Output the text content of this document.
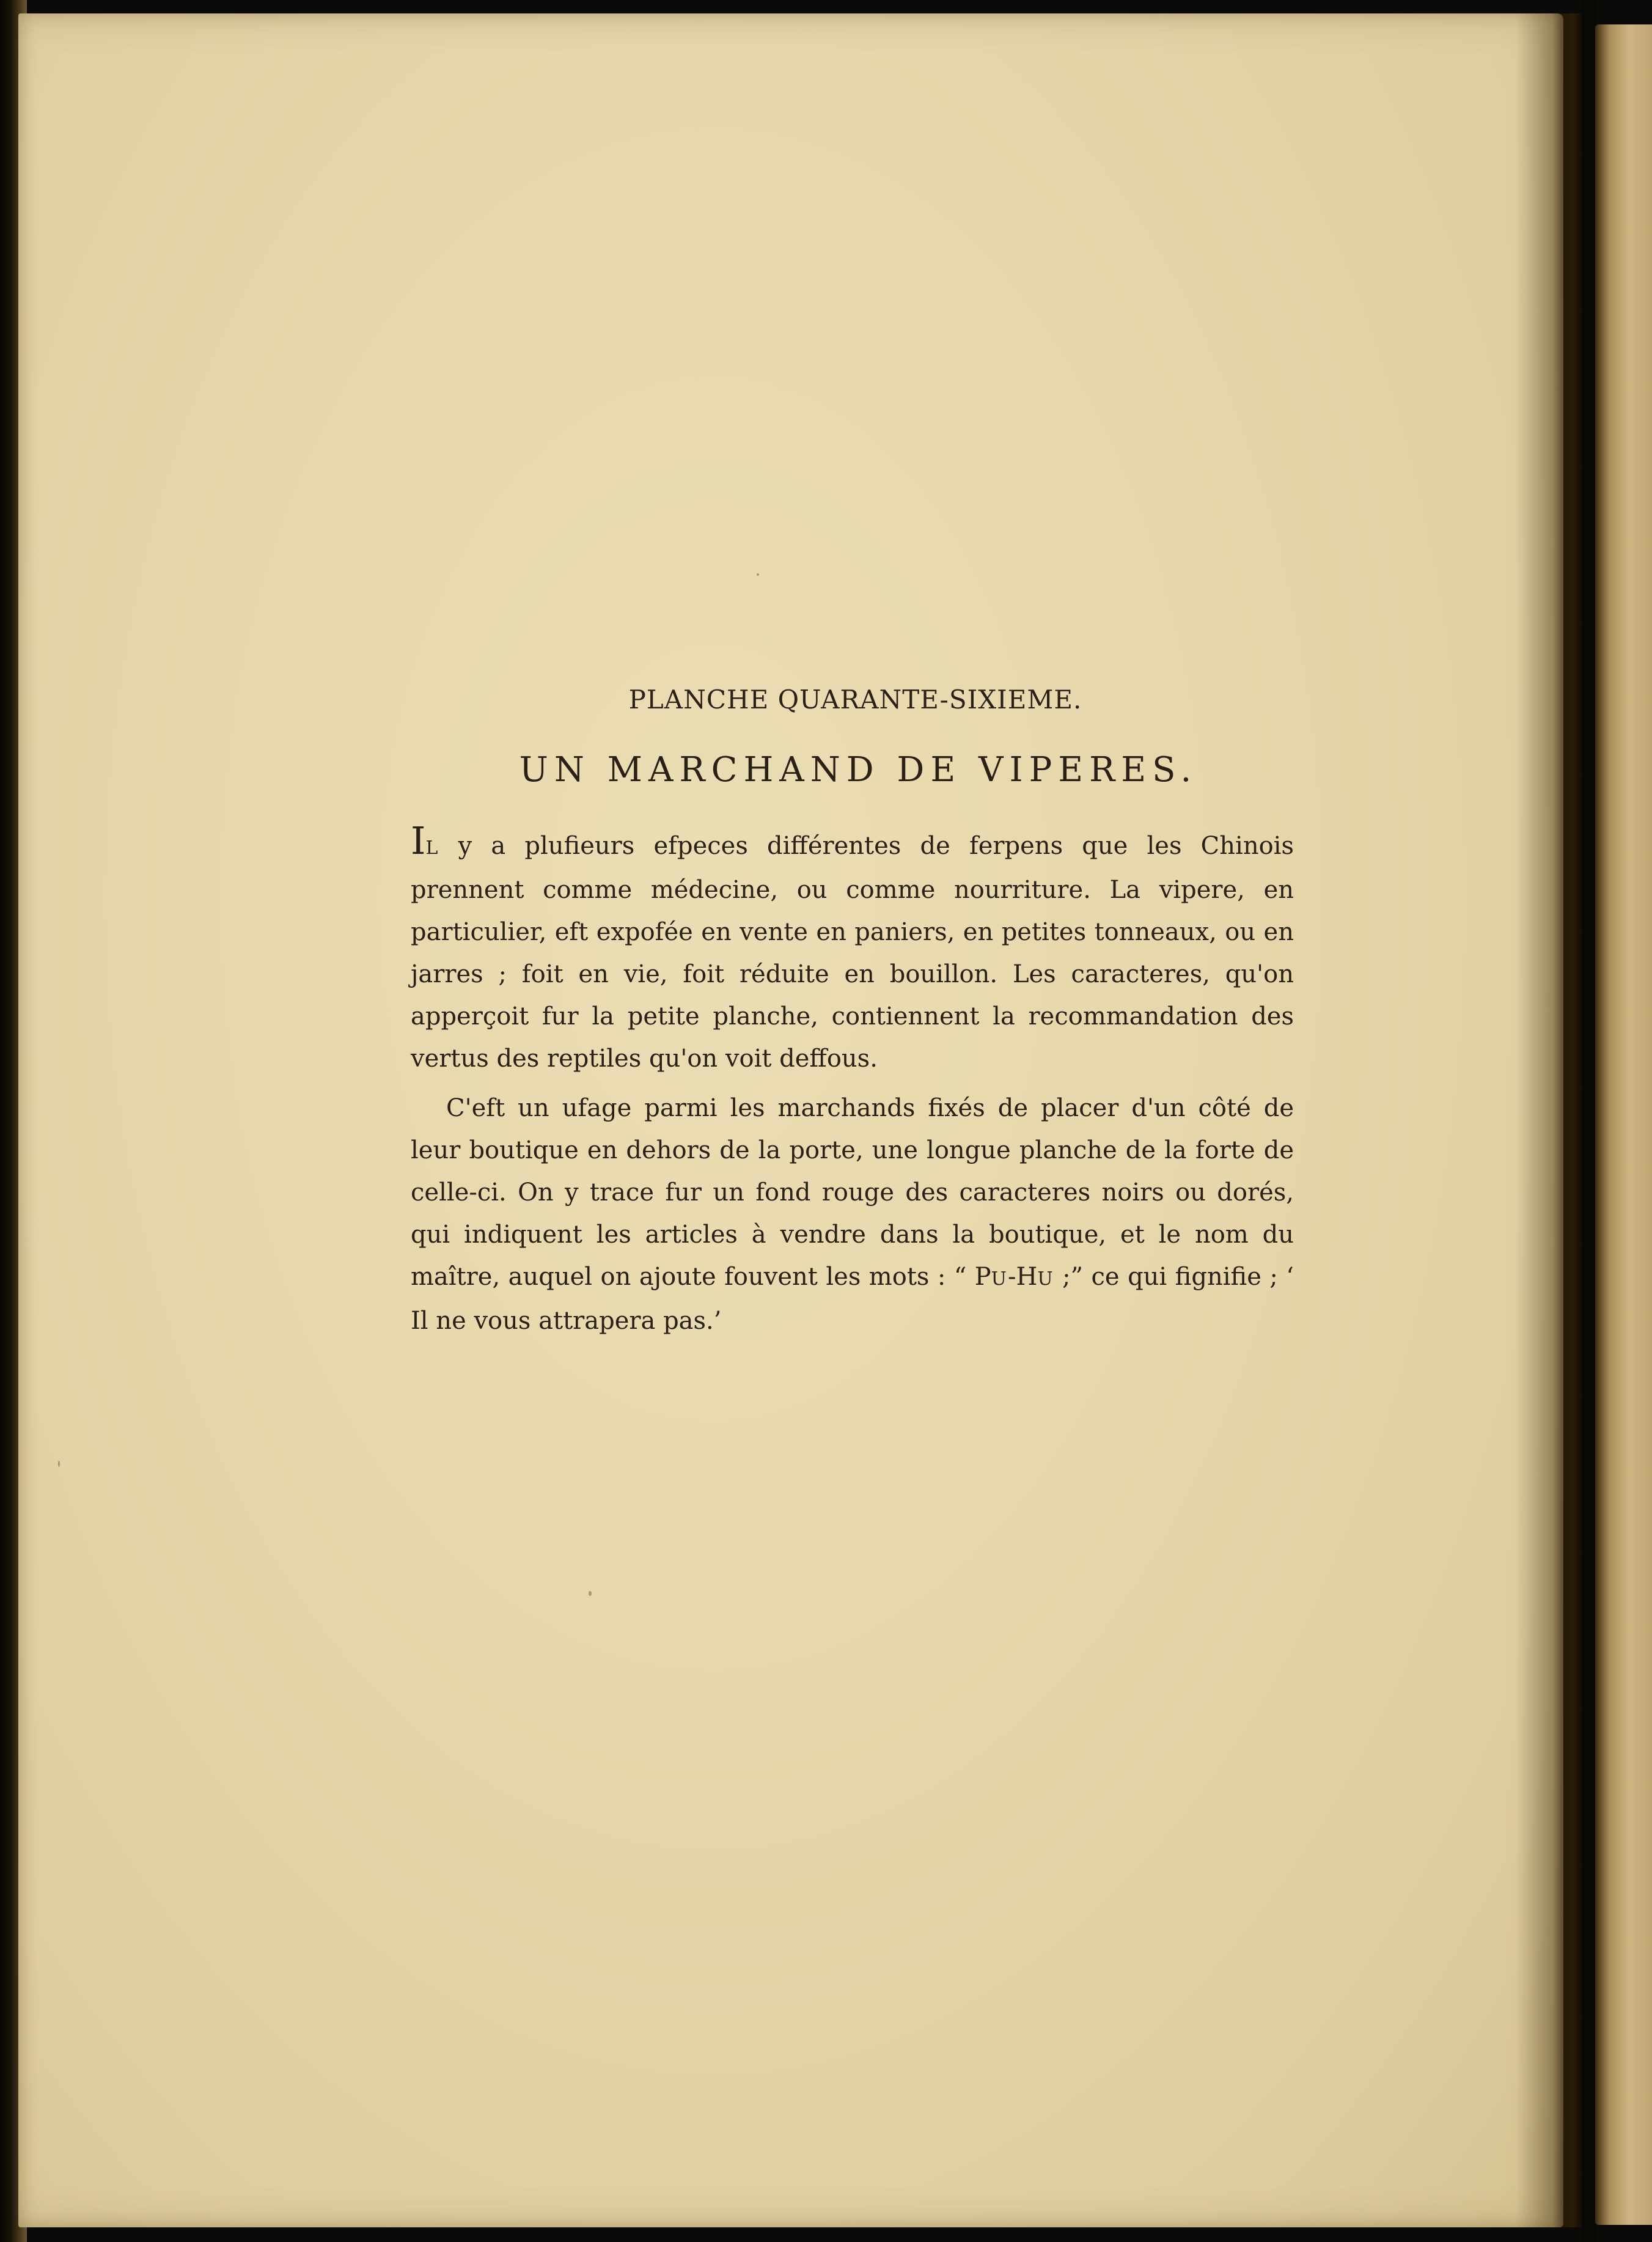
PLANCHE QUARANTE-SIXIEME.
UN MARCHAND DE VIPERES.

IL y a plufieurs efpeces différentes de ferpens que les Chinois prennent comme médecine, ou comme nourriture. La vipere, en particulier, eft expofée en vente en paniers, en petites tonneaux, ou en jarres ; foit en vie, foit réduite en bouillon. Les caracteres, qu'on apperçoit fur la petite planche, contiennent la recommandation des vertus des reptiles qu'on voit deffous.

C'eft un ufage parmi les marchands fixés de placer d'un côté de leur boutique en dehors de la porte, une longue planche de la forte de celle-ci. On y trace fur un fond rouge des caracteres noirs ou dorés, qui indiquent les articles à vendre dans la boutique, et le nom du maître, auquel on ajoute fouvent les mots : “ PU-HU ;” ce qui fignifie ; ‘ Il ne vous attrapera pas.’
